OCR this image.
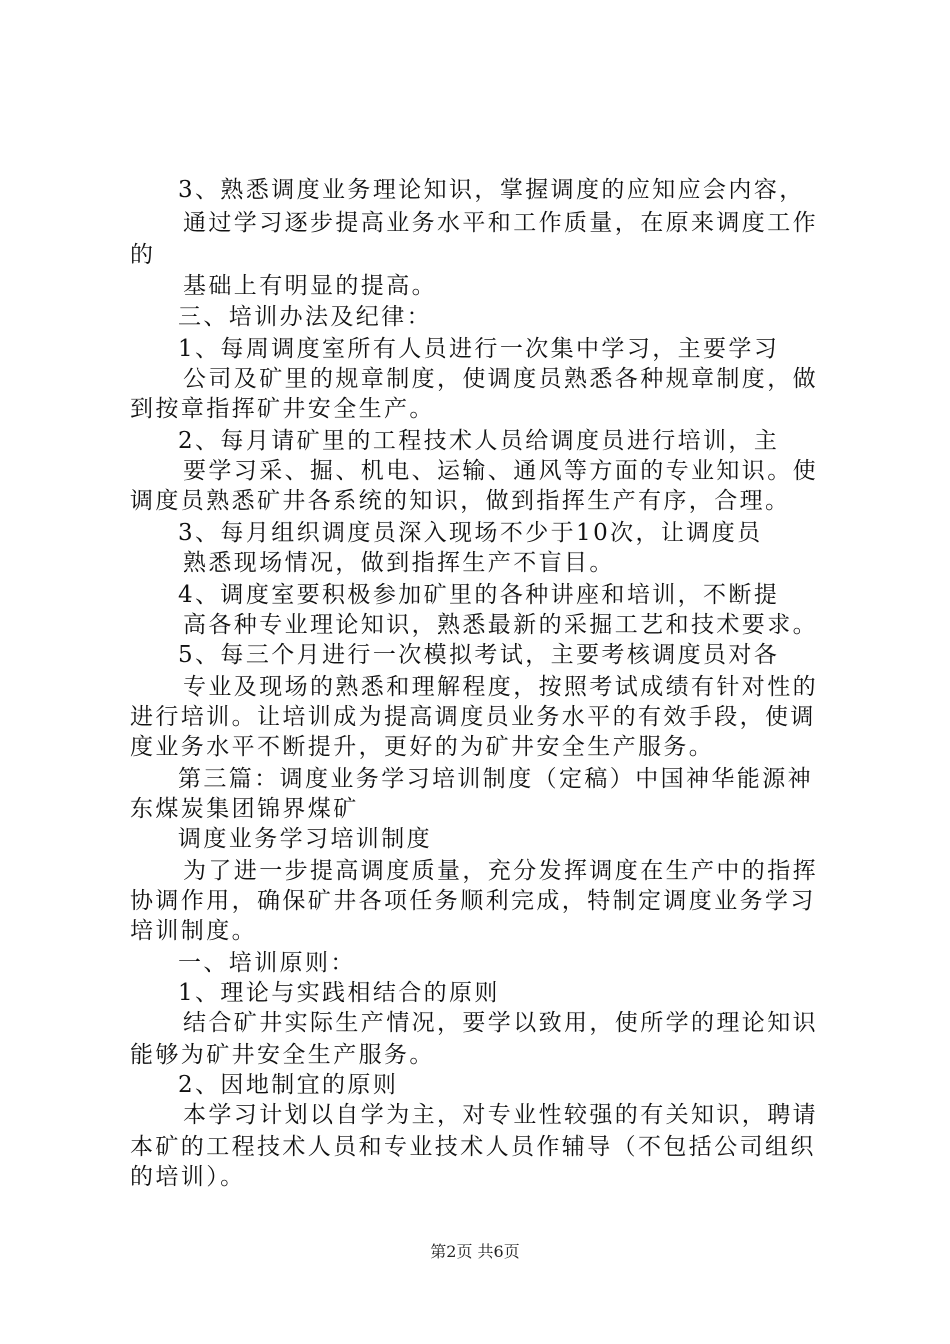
3、熟悉调度业务理论知识，掌握调度的应知应会内容，
通过学习逐步提高业务水平和工作质量，在原来调度工作
的
基础上有明显的提高。
三、培训办法及纪律：
1、每周调度室所有人员进行一次集中学习，主要学习
公司及矿里的规章制度，使调度员熟悉各种规章制度，做
到按章指挥矿井安全生产。
2、每月请矿里的工程技术人员给调度员进行培训，主
要学习采、掘、机电、运输、通风等方面的专业知识。使
调度员熟悉矿井各系统的知识，做到指挥生产有序，合理。
3、每月组织调度员深入现场不少于10次，让调度员
熟悉现场情况，做到指挥生产不盲目。
4、调度室要积极参加矿里的各种讲座和培训，不断提
高各种专业理论知识，熟悉最新的采掘工艺和技术要求。
5、每三个月进行一次模拟考试，主要考核调度员对各
专业及现场的熟悉和理解程度，按照考试成绩有针对性的
进行培训。让培训成为提高调度员业务水平的有效手段，使调
度业务水平不断提升，更好的为矿井安全生产服务。
第三篇：调度业务学习培训制度（定稿）中国神华能源神
东煤炭集团锦界煤矿
调度业务学习培训制度
为了进一步提高调度质量，充分发挥调度在生产中的指挥
协调作用，确保矿井各项任务顺利完成，特制定调度业务学习
培训制度。
一、培训原则：
1、理论与实践相结合的原则
结合矿井实际生产情况，要学以致用，使所学的理论知识
能够为矿井安全生产服务。
2、因地制宜的原则
本学习计划以自学为主，对专业性较强的有关知识，聘请
本矿的工程技术人员和专业技术人员作辅导（不包括公司组织
的培训）。
第2页 共6页
